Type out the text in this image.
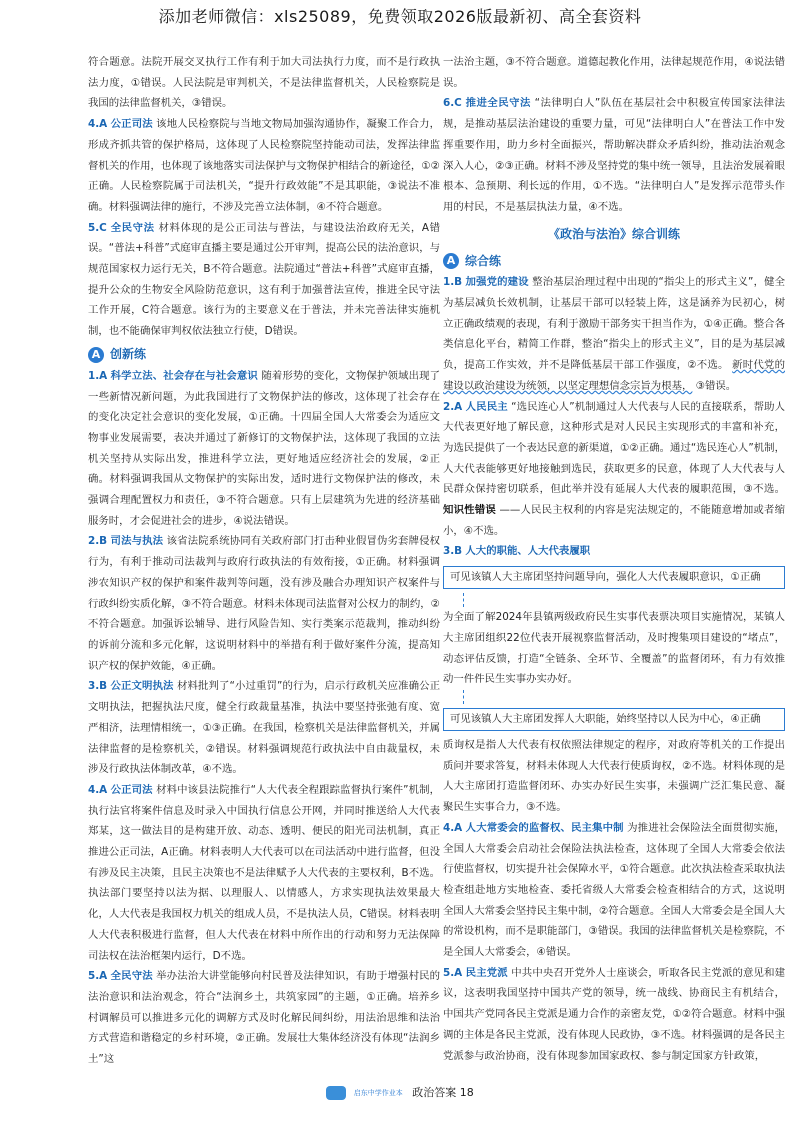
添加老师微信：xls25089，免费领取2026版最新初、高全套资料

符合题意。法院开展交叉执行工作有利于加大司法执行力度，而不是行政执法力度，①错误。人民法院是审判机关，不是法律监督机关，人民检察院是我国的法律监督机关，③错误。

4.A 公正司法 该地人民检察院与当地文物局加强沟通协作，凝聚工作合力，形成齐抓共管的保护格局，这体现了人民检察院坚持能动司法，发挥法律监督机关的作用，也体现了该地落实司法保护与文物保护相结合的新途径，①②正确。人民检察院属于司法机关，“提升行政效能”不是其职能，③说法不准确。材料强调法律的施行，不涉及完善立法体制，④不符合题意。

5.C 全民守法 材料体现的是公正司法与普法，与建设法治政府无关，A错误。“普法+科普”式庭审直播主要是通过公开审判，提高公民的法治意识，与规范国家权力运行无关，B不符合题意。法院通过“普法+科普”式庭审直播，提升公众的生物安全风险防范意识，这有利于加强普法宣传，推进全民守法工作开展，C符合题意。该行为的主要意义在于普法，并未完善法律实施机制，也不能确保审判权依法独立行使，D错误。

A 创新练

1.A 科学立法、社会存在与社会意识 随着形势的变化，文物保护领域出现了一些新情况新问题，为此我国进行了文物保护法的修改，这体现了社会存在的变化决定社会意识的变化发展，①正确。十四届全国人大常委会为适应文物事业发展需要，表决并通过了新修订的文物保护法，这体现了我国的立法机关坚持从实际出发，推进科学立法，更好地适应经济社会的发展，②正确。材料强调我国从文物保护的实际出发，适时进行文物保护法的修改，未强调合理配置权力和责任，③不符合题意。只有上层建筑为先进的经济基础服务时，才会促进社会的进步，④说法错误。

2.B 司法与执法 该省法院系统协同有关政府部门打击种业假冒伪劣套牌侵权行为，有利于推动司法裁判与政府行政执法的有效衔接，①正确。材料强调涉农知识产权的保护和案件裁判等问题，没有涉及融合办理知识产权案件与行政纠纷实质化解，③不符合题意。材料未体现司法监督对公权力的制约，②不符合题意。加强诉讼辅导、进行风险告知、实行类案示范裁判，推动纠纷的诉前分流和多元化解，这说明材料中的举措有利于做好案件分流，提高知识产权的保护效能，④正确。

3.B 公正文明执法 材料批判了“小过重罚”的行为，启示行政机关应准确公正文明执法，把握执法尺度，健全行政裁量基准，执法中要坚持张弛有度、宽严相济，法理情相统一，①③正确。在我国，检察机关是法律监督机关，并属法律监督的是检察机关，②错误。材料强调规范行政执法中自由裁量权，未涉及行政执法体制改革，④不选。

4.A 公正司法 材料中该县法院推行“人大代表全程跟踪监督执行案件”机制，执行法官将案件信息及时录入中国执行信息公开网，并同时推送给人大代表郑某，这一做法目的是构建开放、动态、透明、便民的阳光司法机制，真正推进公正司法，A正确。材料表明人大代表可以在司法活动中进行监督，但没有涉及民主决策，且民主决策也不是法律赋予人大代表的主要权利，B不选。执法部门要坚持以法为据、以理服人、以情感人，方求实现执法效果最大化，人大代表是我国权力机关的组成人员，不是执法人员，C错误。材料表明人大代表积极进行监督，但人大代表在材料中所作出的行动和努力无法保障司法权在法治框架内运行，D不选。

5.A 全民守法 举办法治大讲堂能够向村民普及法律知识，有助于增强村民的法治意识和法治观念，符合“法润乡土，共筑家园”的主题，①正确。培养乡村调解员可以推进多元化的调解方式及时化解民间纠纷，用法治思维和法治方式营造和谐稳定的乡村环境，②正确。发展壮大集体经济没有体现“法润乡土”这

一法治主题，③不符合题意。道德起教化作用，法律起规范作用，④说法错误。

6.C 推进全民守法 “法律明白人”队伍在基层社会中积极宣传国家法律法规，是推动基层法治建设的重要力量，可见“法律明白人”在普法工作中发挥重要作用，助力乡村全面振兴，帮助解决群众矛盾纠纷，推动法治观念深入人心，②③正确。材料不涉及坚持党的集中统一领导，且法治发展着眼根本、急预期、利长远的作用，①不选。“法律明白人”是发挥示范带头作用的村民，不是基层执法力量，④不选。

《政治与法治》综合训练
A 综合练

1.B 加强党的建设 整治基层治理过程中出现的“指尖上的形式主义”，健全为基层减负长效机制，让基层干部可以轻装上阵，这是涵养为民初心，树立正确政绩观的表现，有利于激励干部务实干担当作为，①④正确。整合各类信息化平台，精简工作群，整治“指尖上的形式主义”，目的是为基层减负，提高工作实效，并不是降低基层干部工作强度，②不选。 新时代党的建设以政治建设为统领，以坚定理想信念宗旨为根基， ③错误。

2.A 人民民主 “选民连心人”机制通过人大代表与人民的直接联系，帮助人大代表更好地了解民意，这种形式是对人民民主实现形式的丰富和补充，为选民提供了一个表达民意的新渠道，①②正确。通过“选民连心人”机制，人大代表能够更好地接触到选民，获取更多的民意，体现了人大代表与人民群众保持密切联系，但此举并没有延展人大代表的履职范围，③不选。 知识性错误 ——人民民主权利的内容是宪法规定的，不能随意增加或者缩小，④不选。

3.B 人大的职能、人大代表履职

可见该镇人大主席团坚持问题导向，强化人大代表履职意识，①正确

为全面了解2024年县镇两级政府民生实事代表票决项目实施情况，某镇人大主席团组织22位代表开展视察监督活动，及时搜集项目建设的“堵点”，动态评估反馈，打造“全链条、全环节、全覆盖”的监督闭环，有力有效推动一件件民生实事办实办好。

可见该镇人大主席团发挥人大职能，始终坚持以人民为中心，④正确

质询权是指人大代表有权依照法律规定的程序，对政府等机关的工作提出质问并要求答复，材料未体现人大代表行使质询权，②不选。材料体现的是人大主席团打造监督闭环、办实办好民生实事，未强调广泛汇集民意、凝聚民生实事合力，③不选。

4.A 人大常委会的监督权、民主集中制 为推进社会保险法全面贯彻实施，全国人大常委会启动社会保险法执法检查，这体现了全国人大常委会依法行使监督权，切实提升社会保障水平，①符合题意。此次执法检查采取执法检查组赴地方实地检查、委托省级人大常委会检查相结合的方式，这说明全国人大常委会坚持民主集中制，②符合题意。全国人大常委会是全国人大的常设机构，而不是职能部门，③错误。我国的法律监督机关是检察院，不是全国人大常委会，④错误。

5.A 民主党派 中共中央召开党外人士座谈会，听取各民主党派的意见和建议，这表明我国坚持中国共产党的领导，统一战线、协商民主有机结合，中国共产党同各民主党派是通力合作的亲密友党，①②符合题意。材料中强调的主体是各民主党派，没有体现人民政协，③不选。材料强调的是各民主党派参与政治协商，没有体现参加国家政权、参与制定国家方针政策，

启东中学作业本 政治答案 18
